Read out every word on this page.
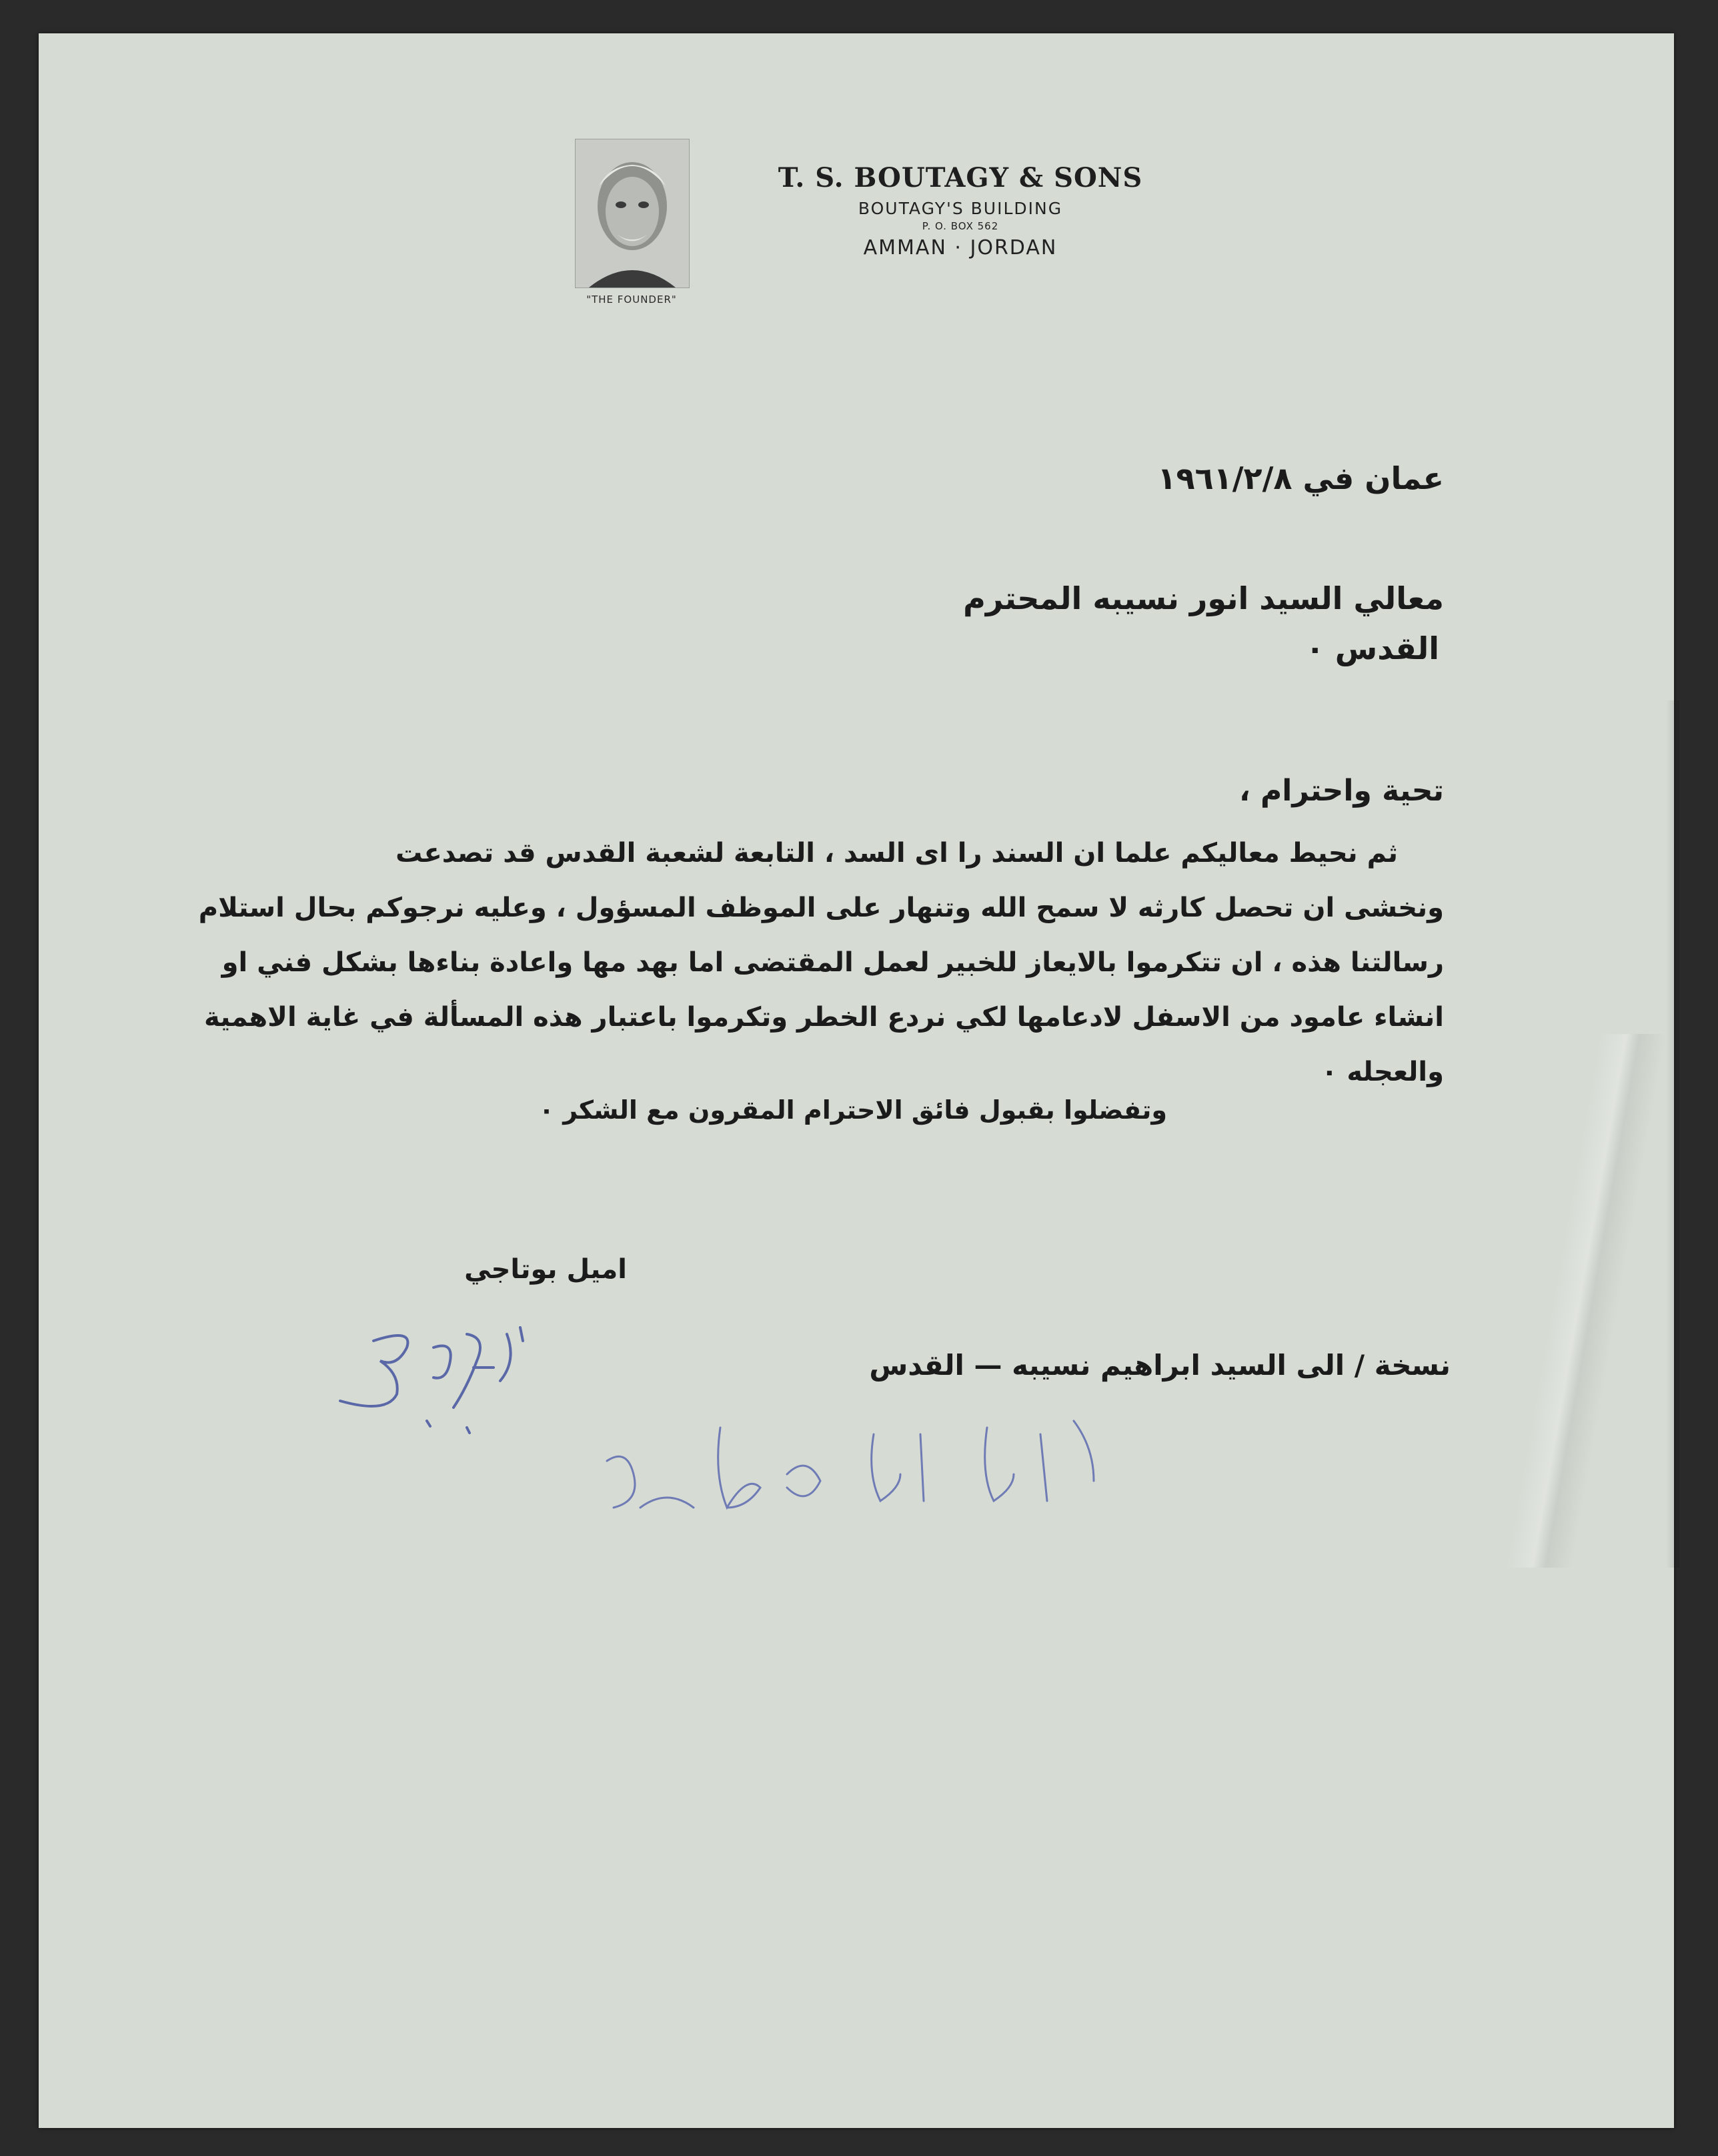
"THE FOUNDER"
T. S. BOUTAGY & SONS
BOUTAGY'S BUILDING
P. O. BOX 562
AMMAN · JORDAN
عمان في ١٩٦١/٢/٨
معالي السيد انور نسيبه المحترم
القدس ٠
تحية واحترام ،
ثم نحيط معاليكم علما ان السند را اى السد ، التابعة لشعبة القدس قد تصدعت
ونخشى ان تحصل كارثه لا سمح الله وتنهار على الموظف المسؤول ، وعليه نرجوكم بحال استلام
رسالتنا هذه ، ان تتكرموا بالايعاز للخبير لعمل المقتضى اما بهد مها واعادة بناءها بشكل فني او
انشاء عامود من الاسفل لادعامها لكي نردع الخطر وتكرموا باعتبار هذه المسألة في غاية الاهمية
والعجله ٠
وتفضلوا بقبول فائق الاحترام المقرون مع الشكر ٠
اميل بوتاجي
نسخة / الى السيد ابراهيم نسيبه — القدس
